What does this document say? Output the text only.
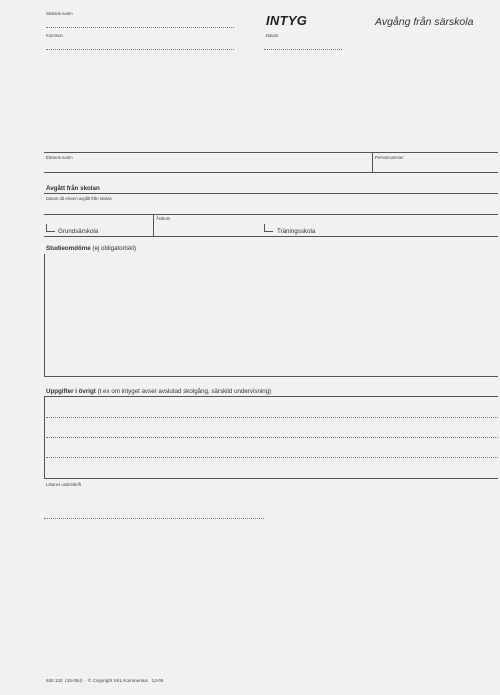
Skolans namn
Kommun
INTYG
Datum
Avgång från särskola
Elevens namn	Personnummer
Avgått från skolan
Datum då eleven avgått från skolan
Grundsärskola
Årskurs
Träningsskola
Studieomdöme (ej obligatoriskt)
Uppgifter i övrigt (t ex om intyget avser avslutad skolgång, särskild undervisning)
Lärares underskrift
630 132 (15-054) ·  © Copyright SKL Kommentus 12-06
